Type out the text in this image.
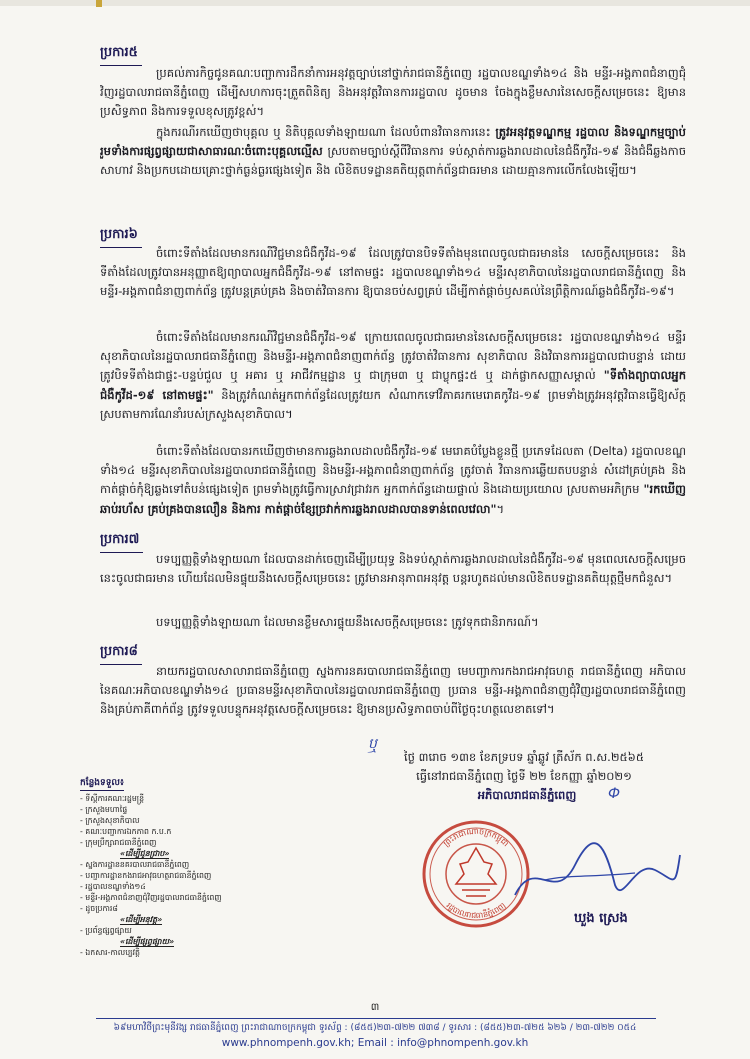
ប្រការ៥
ប្រគល់ភារកិច្ចជូនគណៈបញ្ជាការដឹកនាំការអនុវត្តច្បាប់នៅថ្នាក់រាជធានីភ្នំពេញ រដ្ឋបាលខណ្ឌទាំង១៤ និង មន្ទីរ-អង្គភាពជំនាញជុំវិញរដ្ឋបាលរាជធានីភ្នំពេញ ដើម្បីសហការចុះត្រួតពិនិត្យ និងអនុវត្តវិធានការរដ្ឋបាល ដូចមាន ចែងក្នុងខ្លឹមសារនៃសេចក្តីសម្រេចនេះ ឱ្យមានប្រសិទ្ធភាព និងការទទួលខុសត្រូវខ្ពស់។
ក្នុងករណីរកឃើញថាបុគ្គល ឬ និតិបុគ្គលទាំងឡាយណា ដែលបំពានវិធានការនេះ ត្រូវអនុវត្តទណ្ឌកម្ម រដ្ឋបាល និងទណ្ឌកម្មច្បាប់ រួមទាំងការផ្សព្វផ្សាយជាសាធារណៈចំពោះបុគ្គលល្មើស ស្របតាមច្បាប់ស្តីពីវិធានការ ទប់ស្កាត់ការឆ្លងរាលដាលនៃជំងឺកូវីដ-១៩ និងជំងឺឆ្លងកាចសាហាវ និងប្រកបដោយគ្រោះថ្នាក់ធ្ងន់ធ្ងរផ្សេងទៀត និង លិខិតបទដ្ឋានគតិយុត្តពាក់ព័ន្ធជាធរមាន ដោយគ្មានការលើកលែងឡើយ។
ប្រការ៦
ចំពោះទីតាំងដែលមានករណីវិជ្ជមានជំងឺកូវីដ-១៩ ដែលត្រូវបានបិទទីតាំងមុនពេលចូលជាធរមាននៃ សេចក្តីសម្រេចនេះ និងទីតាំងដែលត្រូវបានអនុញ្ញាតឱ្យព្យាបាលអ្នកជំងឺកូវីដ-១៩ នៅតាមផ្ទះ រដ្ឋបាលខណ្ឌទាំង១៤ មន្ទីរសុខាភិបាលនៃរដ្ឋបាលរាជធានីភ្នំពេញ និងមន្ទីរ-អង្គភាពជំនាញពាក់ព័ន្ធ ត្រូវបន្តគ្រប់គ្រង និងចាត់វិធានការ ឱ្យបានចប់សព្វគ្រប់ ដើម្បីកាត់ផ្តាច់ឫសគល់នៃព្រឹត្តិការណ៍ឆ្លងជំងឺកូវីដ-១៩។
ចំពោះទីតាំងដែលមានករណីវិជ្ជមានជំងឺកូវីដ-១៩ ក្រោយពេលចូលជាធរមាននៃសេចក្តីសម្រេចនេះ រដ្ឋបាលខណ្ឌទាំង១៤ មន្ទីរសុខាភិបាលនៃរដ្ឋបាលរាជធានីភ្នំពេញ និងមន្ទីរ-អង្គភាពជំនាញពាក់ព័ន្ធ ត្រូវចាត់វិធានការ សុខាភិបាល និងវិធានការរដ្ឋបាលជាបន្ទាន់ ដោយត្រូវបិទទីតាំងជាផ្ទះ-បន្ទប់ជួល ឬ អគារ ឬ អាជីវកម្មដ្ឋាន ឬ ជាក្រុម៣ ឬ ជាប្លុកផ្ទះ៥ ឬ ដាក់ផ្លាកសញ្ញាសម្គាល់ "ទីតាំងព្យាបាលអ្នកជំងឺកូវីដ-១៩ នៅតាមផ្ទះ" និងត្រូវកំណត់អ្នកពាក់ព័ន្ធដែលត្រូវយក សំណាកទៅវិភាគរកមេរោគកូវីដ-១៩ ព្រមទាំងត្រូវអនុវត្តវិធានធ្វើឱ្យស័ក្ត ស្របតាមការណែនាំរបស់ក្រសួងសុខាភិបាល។
ចំពោះទីតាំងដែលបានរកឃើញថាមានការឆ្លងរាលដាលជំងឺកូវីដ-១៩ មេរោគបំប្លែងខ្លួនថ្មី ប្រភេទដែលតា (Delta) រដ្ឋបាលខណ្ឌទាំង១៤ មន្ទីរសុខាភិបាលនៃរដ្ឋបាលរាជធានីភ្នំពេញ និងមន្ទីរ-អង្គភាពជំនាញពាក់ព័ន្ធ ត្រូវចាត់ វិធានការឆ្លើយតបបន្ទាន់ សំដៅគ្រប់គ្រង និងកាត់ផ្តាច់កុំឱ្យឆ្លងទៅតំបន់ផ្សេងទៀត ព្រមទាំងត្រូវធ្វើការស្រាវជ្រាវរក អ្នកពាក់ព័ន្ធដោយផ្ទាល់ និងដោយប្រយោល ស្របតាមអភិក្រម "រកឃើញឆាប់រហ័ស គ្រប់គ្រងបានលឿន និងការ កាត់ផ្តាច់ខ្សែច្រវាក់ការឆ្លងរាលដាលបានទាន់ពេលវេលា"។
ប្រការ៧
បទប្បញ្ញត្តិទាំងឡាយណា ដែលបានដាក់ចេញដើម្បីប្រយុទ្ធ និងទប់ស្កាត់ការឆ្លងរាលដាលនៃជំងឺកូវីដ-១៩ មុនពេលសេចក្តីសម្រេចនេះចូលជាធរមាន ហើយដែលមិនផ្ទុយនឹងសេចក្តីសម្រេចនេះ ត្រូវមានអានុភាពអនុវត្ត បន្តរហូតដល់មានលិខិតបទដ្ឋានគតិយុត្តថ្មីមកជំនួស។
បទប្បញ្ញត្តិទាំងឡាយណា ដែលមានខ្លឹមសារផ្ទុយនឹងសេចក្តីសម្រេចនេះ ត្រូវទុកជានិរាករណ៍។
ប្រការ៨
នាយករដ្ឋបាលសាលារាជធានីភ្នំពេញ ស្នងការនគរបាលរាជធានីភ្នំពេញ មេបញ្ជាការកងរាជអាវុធហត្ថ រាជធានីភ្នំពេញ អភិបាល នៃគណៈអភិបាលខណ្ឌទាំង១៤ ប្រធានមន្ទីរសុខាភិបាលនៃរដ្ឋបាលរាជធានីភ្នំពេញ ប្រធាន មន្ទីរ-អង្គភាពជំនាញជុំវិញរដ្ឋបាលរាជធានីភ្នំពេញ និងគ្រប់ភាគីពាក់ព័ន្ធ ត្រូវទទួលបន្ទុកអនុវត្តសេចក្តីសម្រេចនេះ ឱ្យមានប្រសិទ្ធភាពចាប់ពីថ្ងៃចុះហត្ថលេខាតទៅ។
ឬ
ថ្ងៃ ៣រោច ១៣ខ ខែភទ្របទ ឆ្នាំឆ្លូវ ត្រីស័ក ព.ស.២៥៦៥
ធ្វើនៅរាជធានីភ្នំពេញ ថ្ងៃទី ២២ ខែកញ្ញា ឆ្នាំ២០២១
អភិបាលរាជធានីភ្នំពេញ	Ф
ព្រះរាជាណាចក្រកម្ពុជា
រដ្ឋបាលរាជធានីភ្នំពេញ
ឃួង ស្រេង
កន្លែងទទួល៖
- ទីស្តីការគណៈរដ្ឋមន្ត្រី
- ក្រសួងមហាផ្ទៃ
- ក្រសួងសុខាភិបាល
- គណៈបញ្ជាការឯកភាព ក.ប.ក
- ក្រុមប្រឹក្សារាជធានីភ្នំពេញ
«ដើម្បីជូនជ្រាប»
- ស្នងការដ្ឋាននគរបាលរាជធានីភ្នំពេញ
- បញ្ជាការដ្ឋានកងរាជអាវុធហត្ថរាជធានីភ្នំពេញ
- រដ្ឋបាលខណ្ឌទាំង១៤
- មន្ទីរ-អង្គភាពជំនាញជុំវិញរដ្ឋបាលរាជធានីភ្នំពេញ
- ដូចប្រការ៨
«ដើម្បីអនុវត្ត»
- ប្រព័ន្ធផ្សព្វផ្សាយ
«ដើម្បីផ្សព្វផ្សាយ»
- ឯកសារ-កាលប្បវត្តិ
៣
៦៩មហាវិថីព្រះមុនីវង្ស រាជធានីភ្នំពេញ ព្រះរាជាណាចក្រកម្ពុជា ទូរស័ព្ទ : (៨៥៥)២៣-៧២២ ៧៣៨ / ទូរសារ : (៨៥៥)២៣-៧២៥ ៦២៦ / ២៣-៧២២ ០៥៤
www.phnompenh.gov.kh; Email : info@phnompenh.gov.kh
